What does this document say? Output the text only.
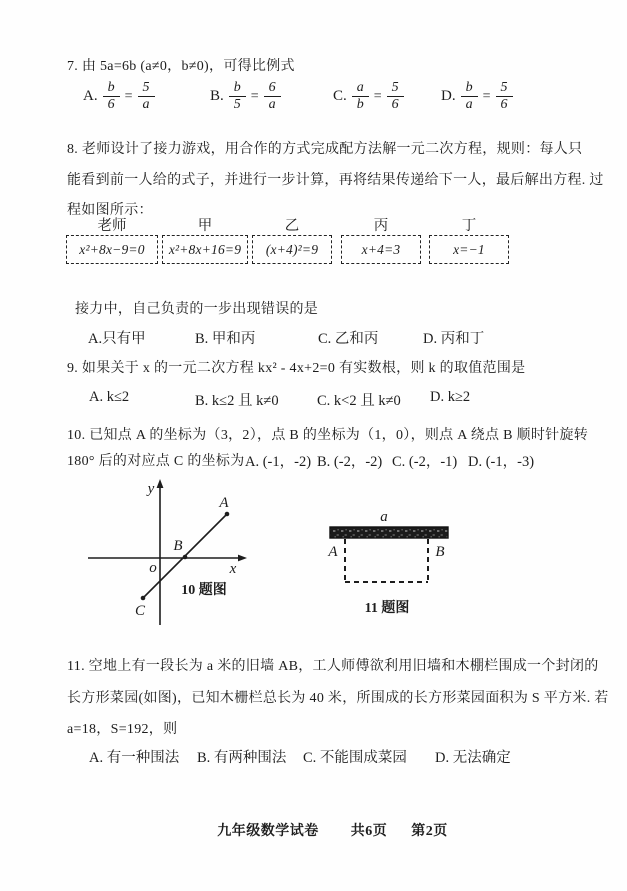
7. 由 5a=6b (a≠0，b≠0)，可得比例式
A. $\frac{b}{6} = \frac{5}{a}$	B. $\frac{b}{5} = \frac{6}{a}$	C. $\frac{a}{b} = \frac{5}{6} D$. $\frac{b}{a} = \frac{5}{6}$
8. 老师设计了接力游戏，用合作的方式完成配方法解一元二次方程，规则：每人只
能看到前一人给的式子，并进行一步计算，再将结果传递给下一人，最后解出方程. 过
程如图所示：
老师
x²+8x−9=0
甲
x²+8x+16=9
乙
(x+4)²=9
丙
x+4=3
丁
x=−1
接力中，自己负责的一步出现错误的是
A.只有甲	B. 甲和丙	C. 乙和丙	D. 丙和丁
9. 如果关于 x 的一元二次方程 kx² - 4x+2=0 有实数根，则 k 的取值范围是
A. k≤2	B. k≤2 且 k≠0	C. k<2 且 k≠0 D. k≥2
10. 已知点 A 的坐标为（3，2），点 B 的坐标为（1，0），则点 A 绕点 B 顺时针旋转
180° 后的对应点 C 的坐标为 A. (-1，-2) B. (-2，-2) C. (-2，-1) D. (-1，-3)
y
x
o
A
B
C
10 题图
a
A	B
11 题图
11. 空地上有一段长为 a 米的旧墙 AB，工人师傅欲利用旧墙和木棚栏围成一个封闭的
长方形菜园(如图)，已知木栅栏总长为 40 米，所围成的长方形菜园面积为 S 平方米. 若
a=18，S=192，则
A. 有一种围法 B. 有两种围法 C. 不能围成菜园 D. 无法确定
九年级数学试卷 共6页 第2页
